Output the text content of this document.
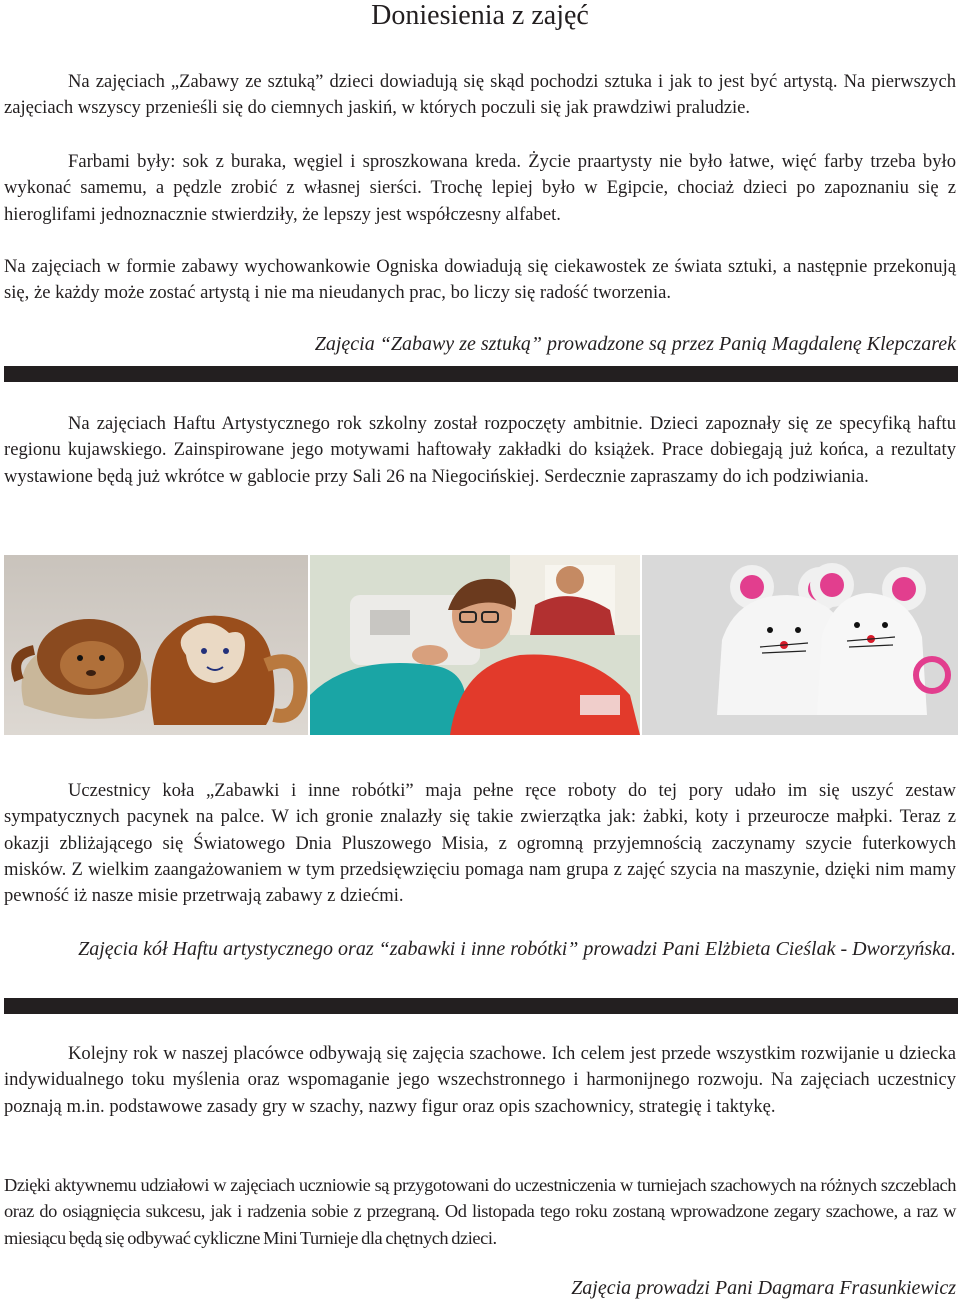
Doniesienia z zajęć

Na zajęciach „Zabawy ze sztuką” dzieci dowiadują się skąd pochodzi sztuka i jak to jest być artystą. Na pierwszych zajęciach wszyscy przenieśli się do ciemnych jaskiń, w których poczuli się jak prawdziwi praludzie.

Farbami były: sok z buraka, węgiel i sproszkowana kreda. Życie praartysty nie było łatwe, więć farby trzeba było wykonać samemu, a pędzle zrobić z własnej sierści. Trochę lepiej było w Egipcie, chociaż dzieci po zapoznaniu się z hieroglifami jednoznacznie stwierdziły, że lepszy jest współczesny alfabet.

Na zajęciach w formie zabawy wychowankowie Ogniska dowiadują się ciekawostek ze świata sztuki, a następnie przekonują się, że każdy może zostać artystą i nie ma nieudanych prac, bo liczy się radość tworzenia.

Zajęcia “Zabawy ze sztuką” prowadzone są przez Panią Magdalenę Klepczarek

Na zajęciach Haftu Artystycznego rok szkolny został rozpoczęty ambitnie. Dzieci zapoznały się ze specyfiką haftu regionu kujawskiego. Zainspirowane jego motywami haftowały zakładki do książek. Prace dobiegają już końca, a rezultaty wystawione będą już wkrótce w gablocie przy Sali 26 na Niegocińskiej. Serdecznie zapraszamy do ich podziwiania.

Uczestnicy koła „Zabawki i inne robótki” maja pełne ręce roboty do tej pory udało im się uszyć zestaw sympatycznych pacynek na palce. W ich gronie znalazły się takie zwierzątka jak: żabki, koty i przeurocze małpki. Teraz z okazji zbliżającego się Światowego Dnia Pluszowego Misia, z ogromną przyjemnością zaczynamy szycie futerkowych misków. Z wielkim zaangażowaniem w tym przedsięwzięciu pomaga nam grupa z zajęć szycia na maszynie, dzięki nim mamy pewność iż nasze misie przetrwają zabawy z dziećmi.

Zajęcia kół Haftu artystycznego oraz “zabawki i inne robótki” prowadzi Pani Elżbieta Cieślak - Dworzyńska.

Kolejny rok w naszej placówce odbywają się zajęcia szachowe. Ich celem jest przede wszystkim rozwijanie u dziecka indywidualnego toku myślenia oraz wspomaganie jego wszechstronnego i harmonijnego rozwoju. Na zajęciach uczestnicy poznają m.in. podstawowe zasady gry w szachy, nazwy figur oraz opis szachownicy, strategię i taktykę.

Dzięki aktywnemu udziałowi w zajęciach uczniowie są przygotowani do uczestniczenia w turniejach szachowych na różnych szczeblach oraz do osiągnięcia sukcesu, jak i radzenia sobie z przegraną. Od listopada tego roku zostaną wprowadzone zegary szachowe, a raz w miesiącu będą się odbywać cykliczne Mini Turnieje dla chętnych dzieci.

Zajęcia prowadzi Pani Dagmara Frasunkiewicz
